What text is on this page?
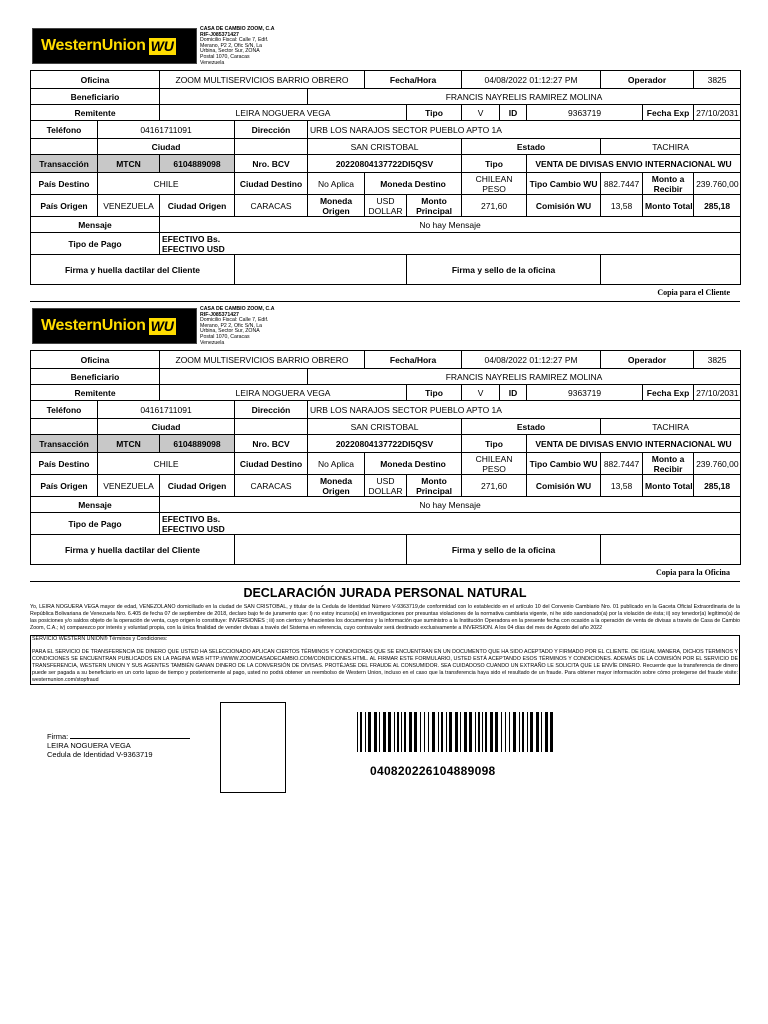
WesternUnion WU
CASA DE CAMBIO ZOOM, C.A
RIF-J085371427
Domicilio Fiscal: Calle 7, Edif.
Merano, P2 2, Ofic S/N, La
Urbina, Sector Sur, ZONA
Postal 1070, Caracas
Venezuela
Oficina		ZOOM MULTISERVICIOS BARRIO OBRERO			Fecha/Hora		04/08/2022 01:12:27 PM			Operador		3825
Beneficiario				FRANCIS NAYRELIS RAMIREZ MOLINA								
Remitente		LEIRA NOGUERA VEGA				Tipo	V	ID	9363719		Fecha Exp	27/10/2031
Teléfono	04161711091		Dirección	URB LOS NARAJOS SECTOR PUEBLO APTO 1A								
	Ciudad			SAN CRISTOBAL			Estado			TACHIRA		
Transacción	MTCN	6104889098	Nro. BCV	20220804137722DI5QSV			Tipo		VENTA DE DIVISAS ENVIO INTERNACIONAL WU			
País Destino	CHILE		Ciudad Destino	No Aplica	Moneda Destino		CHILEAN PESO		Tipo Cambio WU	882.7447	Monto a Recibir	239.760,00
País Origen	VENEZUELA	Ciudad Origen	CARACAS	Moneda Origen	USD DOLLAR	Monto Principal	271,60		Comisión WU	13,58	Monto Total	285,18
Mensaje		No hay Mensaje										
Tipo de Pago		EFECTIVO Bs.
EFECTIVO USD										

Firma y huella dactilar del Cliente						Firma y sello de la oficina						
Copia para el Cliente
WesternUnion WU
CASA DE CAMBIO ZOOM, C.A
RIF-J085371427
Domicilio Fiscal: Calle 7, Edif.
Merano, P2 2, Ofic S/N, La
Urbina, Sector Sur, ZONA
Postal 1070, Caracas
Venezuela
Oficina		ZOOM MULTISERVICIOS BARRIO OBRERO			Fecha/Hora		04/08/2022 01:12:27 PM			Operador		3825
Beneficiario				FRANCIS NAYRELIS RAMIREZ MOLINA								
Remitente		LEIRA NOGUERA VEGA				Tipo	V	ID	9363719		Fecha Exp	27/10/2031
Teléfono	04161711091		Dirección	URB LOS NARAJOS SECTOR PUEBLO APTO 1A								
	Ciudad			SAN CRISTOBAL			Estado			TACHIRA		
Transacción	MTCN	6104889098	Nro. BCV	20220804137722DI5QSV			Tipo		VENTA DE DIVISAS ENVIO INTERNACIONAL WU			
País Destino	CHILE		Ciudad Destino	No Aplica	Moneda Destino		CHILEAN PESO		Tipo Cambio WU	882.7447	Monto a Recibir	239.760,00
País Origen	VENEZUELA	Ciudad Origen	CARACAS	Moneda Origen	USD DOLLAR	Monto Principal	271,60		Comisión WU	13,58	Monto Total	285,18
Mensaje		No hay Mensaje										
Tipo de Pago		EFECTIVO Bs.
EFECTIVO USD										

Firma y huella dactilar del Cliente						Firma y sello de la oficina						
Copia para la Oficina
DECLARACIÓN JURADA PERSONAL NATURAL
Yo, LEIRA NOGUERA VEGA mayor de edad, VENEZOLANO domiciliado en la ciudad de SAN CRISTOBAL, y titular de la Cedula de Identidad Número V-9363719,de conformidad con lo establecido en el artículo 10 del Convenio Cambiario Nro. 01 publicado en la Gaceta Oficial Extraordinaria de la República Bolivariana de Venezuela Nro. 6.405 de fecha 07 de septiembre de 2018, declaro bajo fe de juramento que: i) no estoy incurso(a) en investigaciones por presuntas violaciones de la normativa cambiaria vigente, ni he sido sancionado(a) por la violación de ésta; ii) soy tenedor(a) legítimo(a) de las posiciones y/o saldos objeto de la operación de venta, cuyo origen lo constituye: INVERSIONES ; iii) son ciertos y fehacientes los documentos y la información que suministro a la Institución Operadora en la presente fecha con ocasión a la operación de venta de divisas a través de Casa de Cambio Zoom, C.A.; iv) comparezco por interés y voluntad propia, con la única finalidad de vender divisas a través del Sistema en referencia, cuyo contravalor será destinado exclusivamente a INVERSION. A los 04 días del mes de Agosto del año 2022
SERVICIO WESTERN UNION® Términos y Condiciones:
PARA EL SERVICIO DE TRANSFERENCIA DE DINERO QUE USTED HA SELECCIONADO APLICAN CIERTOS TÉRMINOS Y CONDICIONES QUE SE ENCUENTRAN EN UN DOCUMENTO QUE HA SIDO ACEPTADO Y FIRMADO POR EL CLIENTE. DE IGUAL MANERA, DICHOS TERMINOS Y CONDICIONES SE ENCUENTRAN PUBLICADOS EN LA PAGINA WEB HTTP://WWW.ZOOMCASADECAMBIO.COM/CONDICIONES.HTML. AL FIRMAR ESTE FORMULARIO, USTED ESTÁ ACEPTANDO ESOS TÉRMINOS Y CONDICIONES. ADEMÁS DE LA COMISIÓN POR EL SERVICIO DE TRANSFERENCIA, WESTERN UNION Y SUS AGENTES TAMBIÉN GANAN DINERO DE LA CONVERSIÓN DE DIVISAS. PROTÉJASE DEL FRAUDE AL CONSUMIDOR. SEA CUIDADOSO CUANDO UN EXTRAÑO LE SOLICITA QUE LE ENVÍE DINERO. Recuerde que la transferencia de dinero puede ser pagada a su beneficiario en un corto lapso de tiempo y posteriormente al pago, usted no podrá obtener un reembolso de Western Union, incluso en el caso que la transferencia haya sido el resultado de un fraude. Para obtener mayor información sobre cómo protegerse del fraude visite: westernunion.com/stopfraud
Firma:
LEIRA NOGUERA VEGA
Cedula de Identidad V-9363719
040820226104889098
